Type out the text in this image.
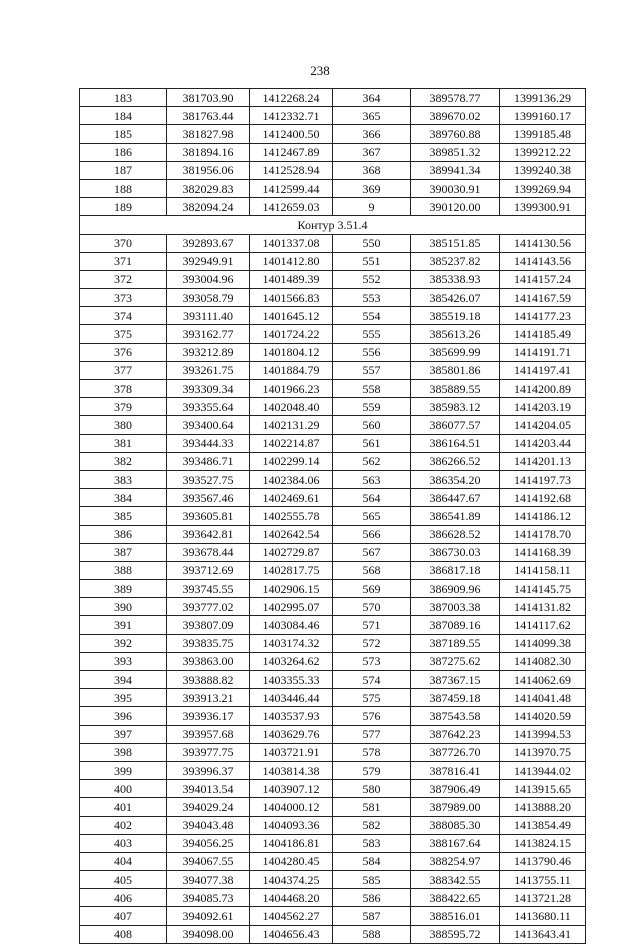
238
183	381703.90	1412268.24	364	389578.77	1399136.29
184	381763.44	1412332.71	365	389670.02	1399160.17
185	381827.98	1412400.50	366	389760.88	1399185.48
186	381894.16	1412467.89	367	389851.32	1399212.22
187	381956.06	1412528.94	368	389941.34	1399240.38
188	382029.83	1412599.44	369	390030.91	1399269.94
189	382094.24	1412659.03	9	390120.00	1399300.91
Контур 3.51.4					
370	392893.67	1401337.08	550	385151.85	1414130.56
371	392949.91	1401412.80	551	385237.82	1414143.56
372	393004.96	1401489.39	552	385338.93	1414157.24
373	393058.79	1401566.83	553	385426.07	1414167.59
374	393111.40	1401645.12	554	385519.18	1414177.23
375	393162.77	1401724.22	555	385613.26	1414185.49
376	393212.89	1401804.12	556	385699.99	1414191.71
377	393261.75	1401884.79	557	385801.86	1414197.41
378	393309.34	1401966.23	558	385889.55	1414200.89
379	393355.64	1402048.40	559	385983.12	1414203.19
380	393400.64	1402131.29	560	386077.57	1414204.05
381	393444.33	1402214.87	561	386164.51	1414203.44
382	393486.71	1402299.14	562	386266.52	1414201.13
383	393527.75	1402384.06	563	386354.20	1414197.73
384	393567.46	1402469.61	564	386447.67	1414192.68
385	393605.81	1402555.78	565	386541.89	1414186.12
386	393642.81	1402642.54	566	386628.52	1414178.70
387	393678.44	1402729.87	567	386730.03	1414168.39
388	393712.69	1402817.75	568	386817.18	1414158.11
389	393745.55	1402906.15	569	386909.96	1414145.75
390	393777.02	1402995.07	570	387003.38	1414131.82
391	393807.09	1403084.46	571	387089.16	1414117.62
392	393835.75	1403174.32	572	387189.55	1414099.38
393	393863.00	1403264.62	573	387275.62	1414082.30
394	393888.82	1403355.33	574	387367.15	1414062.69
395	393913.21	1403446.44	575	387459.18	1414041.48
396	393936.17	1403537.93	576	387543.58	1414020.59
397	393957.68	1403629.76	577	387642.23	1413994.53
398	393977.75	1403721.91	578	387726.70	1413970.75
399	393996.37	1403814.38	579	387816.41	1413944.02
400	394013.54	1403907.12	580	387906.49	1413915.65
401	394029.24	1404000.12	581	387989.00	1413888.20
402	394043.48	1404093.36	582	388085.30	1413854.49
403	394056.25	1404186.81	583	388167.64	1413824.15
404	394067.55	1404280.45	584	388254.97	1413790.46
405	394077.38	1404374.25	585	388342.55	1413755.11
406	394085.73	1404468.20	586	388422.65	1413721.28
407	394092.61	1404562.27	587	388516.01	1413680.11
408	394098.00	1404656.43	588	388595.72	1413643.41
